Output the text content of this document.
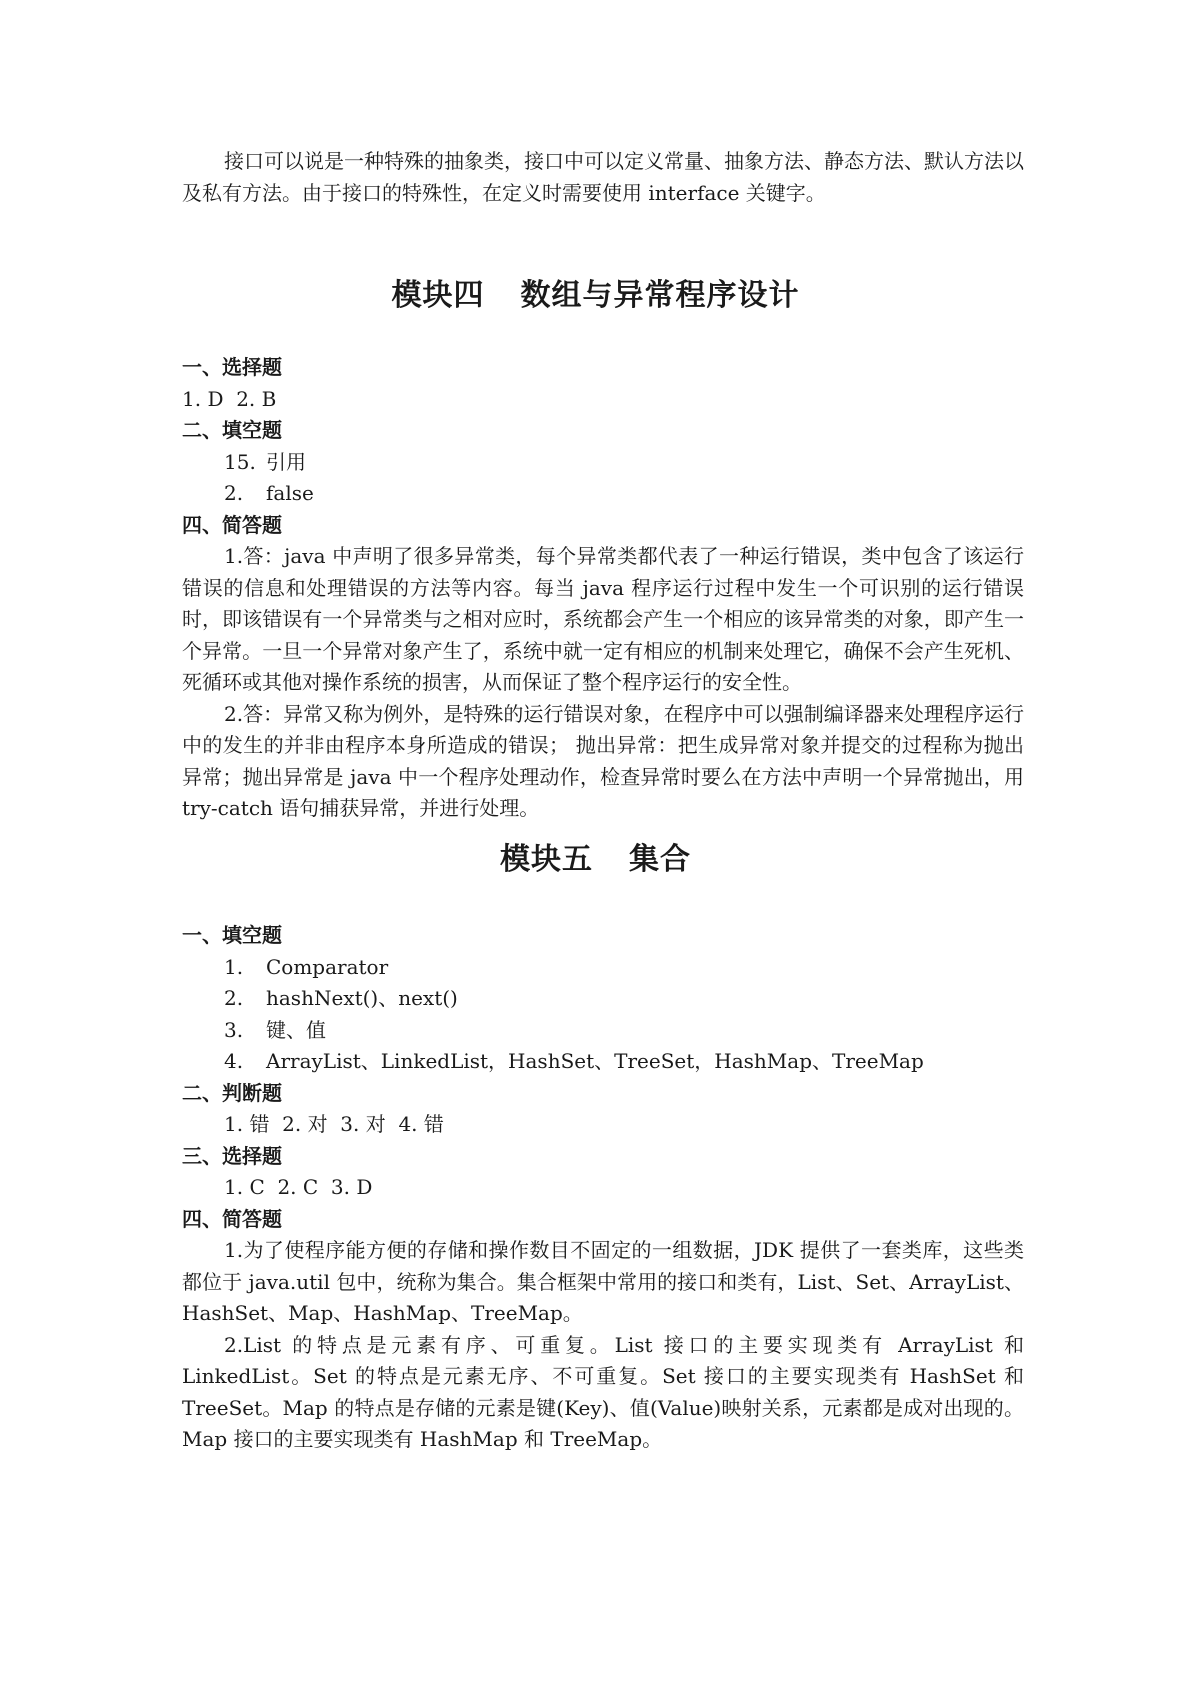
接口可以说是一种特殊的抽象类，接口中可以定义常量、抽象方法、静态方法、默认方法以及私有方法。由于接口的特殊性，在定义时需要使用 interface 关键字。

模块四 数组与异常程序设计

一、选择题

1. D  2. B

二、填空题

15. 引用

2. false

四、简答题

1.答：java 中声明了很多异常类，每个异常类都代表了一种运行错误，类中包含了该运行错误的信息和处理错误的方法等内容。每当 java 程序运行过程中发生一个可识别的运行错误时，即该错误有一个异常类与之相对应时，系统都会产生一个相应的该异常类的对象，即产生一个异常。一旦一个异常对象产生了，系统中就一定有相应的机制来处理它，确保不会产生死机、死循环或其他对操作系统的损害，从而保证了整个程序运行的安全性。

2.答：异常又称为例外，是特殊的运行错误对象，在程序中可以强制编译器来处理程序运行中的发生的并非由程序本身所造成的错误； 抛出异常：把生成异常对象并提交的过程称为抛出异常；抛出异常是 java 中一个程序处理动作，检查异常时要么在方法中声明一个异常抛出，用 try-catch 语句捕获异常，并进行处理。

模块五 集合

一、填空题

1. Comparator

2. hashNext()、next()

3. 键、值

4. ArrayList、LinkedList，HashSet、TreeSet，HashMap、TreeMap

二、判断题

1. 错  2. 对  3. 对  4. 错

三、选择题

1. C  2. C  3. D

四、简答题

1.为了使程序能方便的存储和操作数目不固定的一组数据，JDK 提供了一套类库，这些类都位于 java.util 包中，统称为集合。集合框架中常用的接口和类有，List、Set、ArrayList、HashSet、Map、HashMap、TreeMap。

2.List 的特点是元素有序、可重复。List 接口的主要实现类有 ArrayList 和 LinkedList。Set 的特点是元素无序、不可重复。Set 接口的主要实现类有 HashSet 和 TreeSet。Map 的特点是存储的元素是键(Key)、值(Value)映射关系，元素都是成对出现的。Map 接口的主要实现类有 HashMap 和 TreeMap。
